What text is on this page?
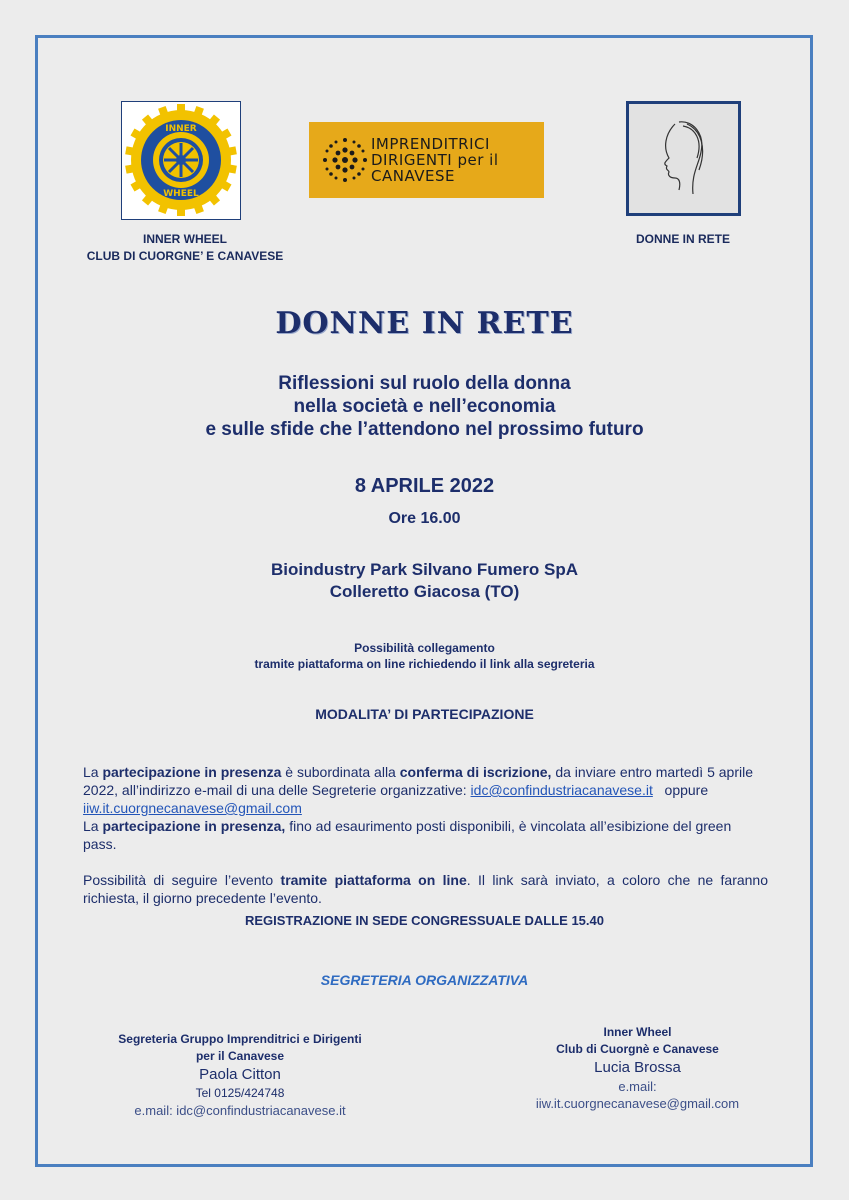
INNER
WHEEL
IMPRENDITRICI
DIRIGENTI per il
CANAVESE
INNER WHEEL
CLUB DI CUORGNE’ E CANAVESE
DONNE IN RETE
DONNE IN RETE
Riflessioni sul ruolo della donna
nella società e nell’economia
e sulle sfide che l’attendono nel prossimo futuro
8 APRILE 2022
Ore 16.00
Bioindustry Park Silvano Fumero SpA
Colleretto Giacosa (TO)
Possibilità collegamento
tramite piattaforma on line richiedendo il link alla segreteria
MODALITA’ DI PARTECIPAZIONE

La partecipazione in presenza è subordinata alla conferma di iscrizione, da inviare entro martedì 5 aprile 2022, all’indirizzo e-mail di una delle Segreterie organizzative: idc@confindustriacanavese.it   oppure
iiw.it.cuorgnecanavese@gmail.com

La partecipazione in presenza, fino ad esaurimento posti disponibili, è vincolata all’esibizione del green pass.

Possibilità di seguire l’evento tramite piattaforma on line. Il link sarà inviato, a coloro che ne faranno richiesta, il giorno precedente l’evento.

REGISTRAZIONE IN SEDE CONGRESSUALE DALLE 15.40
SEGRETERIA ORGANIZZATIVA
Segreteria Gruppo Imprenditrici e Dirigenti
per il Canavese
Paola Citton
Tel 0125/424748
e.mail: idc@confindustriacanavese.it
Inner Wheel
Club di Cuorgnè e Canavese
Lucia Brossa
e.mail:
iiw.it.cuorgnecanavese@gmail.com
